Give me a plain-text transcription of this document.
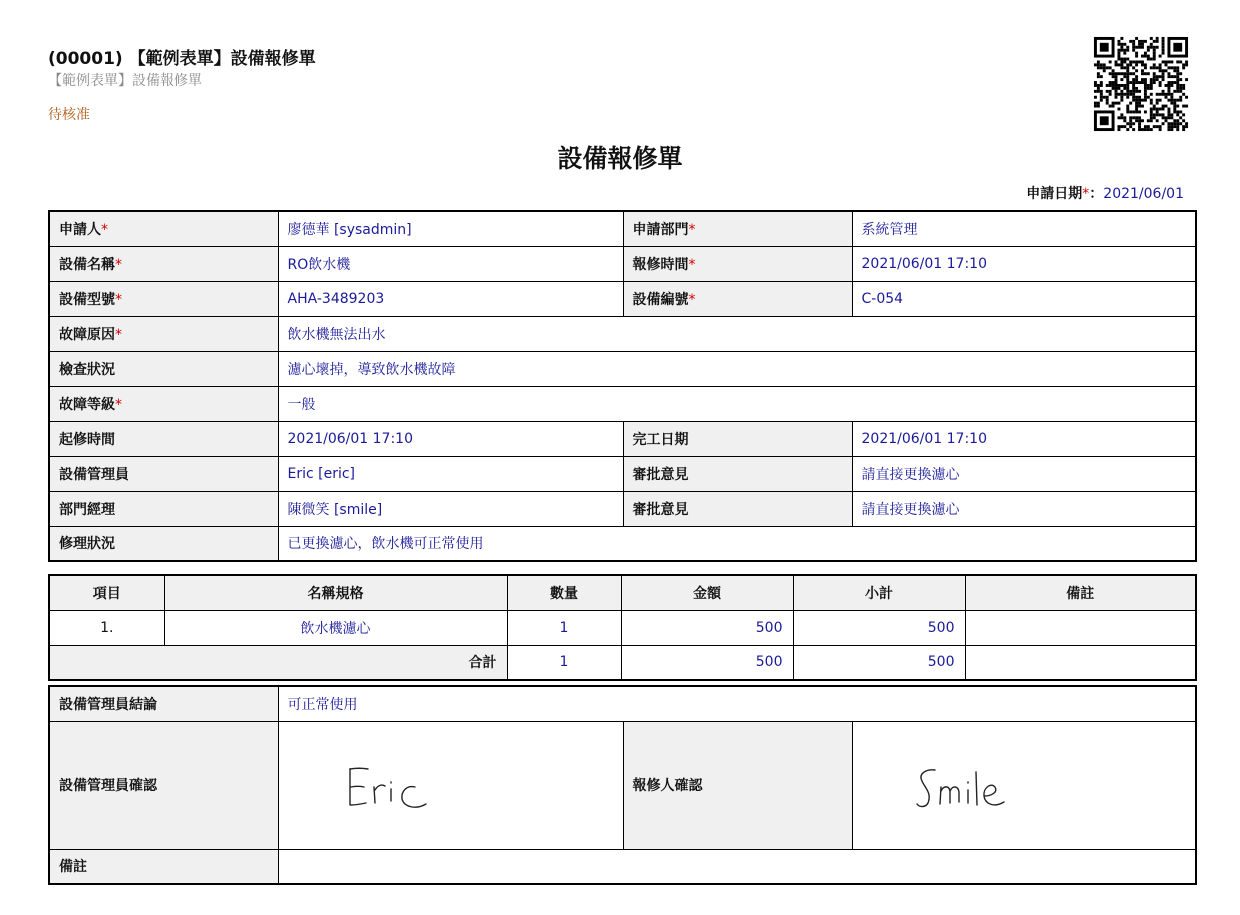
(00001) 【範例表單】設備報修單
【範例表單】設備報修單
待核准
設備報修單
申請日期*：2021/06/01
申請人*	廖德華 [sysadmin]	申請部門*	系統管理
設備名稱*	RO飲水機	報修時間*	2021/06/01 17:10
設備型號*	AHA-3489203	設備編號*	C-054
故障原因*	飲水機無法出水		
檢查狀況	濾心壞掉，導致飲水機故障		
故障等級*	一般		
起修時間	2021/06/01 17:10	完工日期	2021/06/01 17:10
設備管理員	Eric [eric]	審批意見	請直接更換濾心
部門經理	陳微笑 [smile]	審批意見	請直接更換濾心
修理狀況	已更換濾心，飲水機可正常使用		
項目	名稱規格	數量	金額	小計	備註
1.	飲水機濾心	1	500	500	
合計		1	500	500	
設備管理員結論	可正常使用		
設備管理員確認		報修人確認	

備註			
